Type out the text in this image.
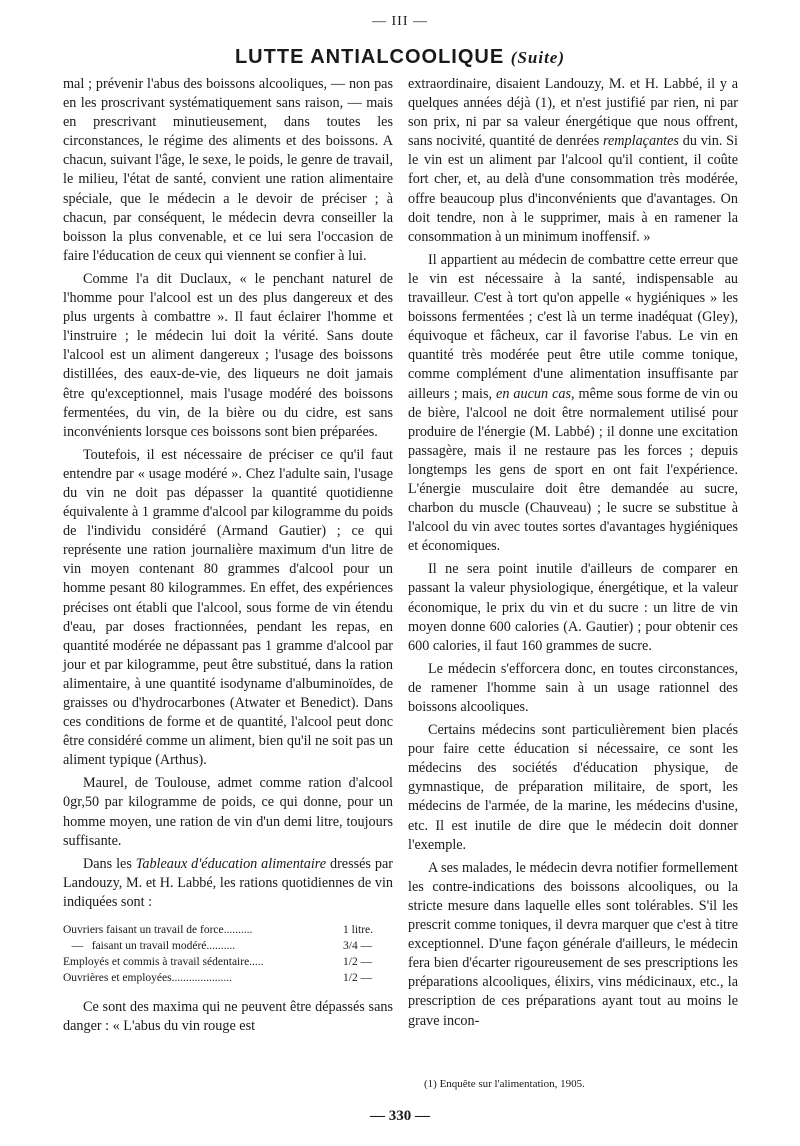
— III —
LUTTE ANTIALCOOLIQUE (Suite)

mal ; prévenir l'abus des boissons alcooliques, — non pas en les proscrivant systématiquement sans raison, — mais en prescrivant minutieusement, dans toutes les circonstances, le régime des aliments et des boissons. A chacun, suivant l'âge, le sexe, le poids, le genre de travail, le milieu, l'état de santé, convient une ration alimentaire spéciale, que le médecin a le devoir de préciser ; à chacun, par conséquent, le médecin devra conseiller la boisson la plus convenable, et ce lui sera l'occasion de faire l'éducation de ceux qui viennent se confier à lui.

Comme l'a dit Duclaux, « le penchant naturel de l'homme pour l'alcool est un des plus dangereux et des plus urgents à combattre ». Il faut éclairer l'homme et l'instruire ; le médecin lui doit la vérité. Sans doute l'alcool est un aliment dangereux ; l'usage des boissons distillées, des eaux-de-vie, des liqueurs ne doit jamais être qu'exceptionnel, mais l'usage modéré des boissons fermentées, du vin, de la bière ou du cidre, est sans inconvénients lorsque ces boissons sont bien préparées.

Toutefois, il est nécessaire de préciser ce qu'il faut entendre par « usage modéré ». Chez l'adulte sain, l'usage du vin ne doit pas dépasser la quantité quotidienne équivalente à 1 gramme d'alcool par kilogramme du poids de l'individu considéré (Armand Gautier) ; ce qui représente une ration journalière maximum d'un litre de vin moyen contenant 80 grammes d'alcool pour un homme pesant 80 kilogrammes. En effet, des expériences précises ont établi que l'alcool, sous forme de vin étendu d'eau, par doses fractionnées, pendant les repas, en quantité modérée ne dépassant pas 1 gramme d'alcool par jour et par kilogramme, peut être substitué, dans la ration alimentaire, à une quantité isodyname d'albuminoïdes, de graisses ou d'hydrocarbones (Atwater et Benedict). Dans ces conditions de forme et de quantité, l'alcool peut donc être considéré comme un aliment, bien qu'il ne soit pas un aliment typique (Arthus).

Maurel, de Toulouse, admet comme ration d'alcool 0gr,50 par kilogramme de poids, ce qui donne, pour un homme moyen, une ration de vin d'un demi litre, toujours suffisante.

Dans les Tableaux d'éducation alimentaire dressés par Landouzy, M. et H. Labbé, les rations quotidiennes de vin indiquées sont :

Ouvriers faisant un travail de force..........	1 litre.
—   faisant un travail modéré..........	3/4 —
Employés et commis à travail sédentaire.....	1/2 —
Ouvrières et employées.....................	1/2 —

Ce sont des maxima qui ne peuvent être dépassés sans danger : « L'abus du vin rouge est

extraordinaire, disaient Landouzy, M. et H. Labbé, il y a quelques années déjà (1), et n'est justifié par rien, ni par son prix, ni par sa valeur énergétique que nous offrent, sans nocivité, quantité de denrées remplaçantes du vin. Si le vin est un aliment par l'alcool qu'il contient, il coûte fort cher, et, au delà d'une consommation très modérée, offre beaucoup plus d'inconvénients que d'avantages. On doit tendre, non à le supprimer, mais à en ramener la consommation à un minimum inoffensif. »

Il appartient au médecin de combattre cette erreur que le vin est nécessaire à la santé, indispensable au travailleur. C'est à tort qu'on appelle « hygiéniques » les boissons fermentées ; c'est là un terme inadéquat (Gley), équivoque et fâcheux, car il favorise l'abus. Le vin en quantité très modérée peut être utile comme tonique, comme complément d'une alimentation insuffisante par ailleurs ; mais, en aucun cas, même sous forme de vin ou de bière, l'alcool ne doit être normalement utilisé pour produire de l'énergie (M. Labbé) ; il donne une excitation passagère, mais il ne restaure pas les forces ; depuis longtemps les gens de sport en ont fait l'expérience. L'énergie musculaire doit être demandée au sucre, charbon du muscle (Chauveau) ; le sucre se substitue à l'alcool du vin avec toutes sortes d'avantages hygiéniques et économiques.

Il ne sera point inutile d'ailleurs de comparer en passant la valeur physiologique, énergétique, et la valeur économique, le prix du vin et du sucre : un litre de vin moyen donne 600 calories (A. Gautier) ; pour obtenir ces 600 calories, il faut 160 grammes de sucre.

Le médecin s'efforcera donc, en toutes circonstances, de ramener l'homme sain à un usage rationnel des boissons alcooliques.

Certains médecins sont particulièrement bien placés pour faire cette éducation si nécessaire, ce sont les médecins des sociétés d'éducation physique, de gymnastique, de préparation militaire, de sport, les médecins de l'armée, de la marine, les médecins d'usine, etc. Il est inutile de dire que le médecin doit donner l'exemple.

A ses malades, le médecin devra notifier formellement les contre-indications des boissons alcooliques, ou la stricte mesure dans laquelle elles sont tolérables. S'il les prescrit comme toniques, il devra marquer que c'est à titre exceptionnel. D'une façon générale d'ailleurs, le médecin fera bien d'écarter rigoureusement de ses prescriptions les préparations alcooliques, élixirs, vins médicinaux, etc., la prescription de ces préparations ayant tout au moins le grave incon-

(1) Enquête sur l'alimentation, 1905.
— 330 —
